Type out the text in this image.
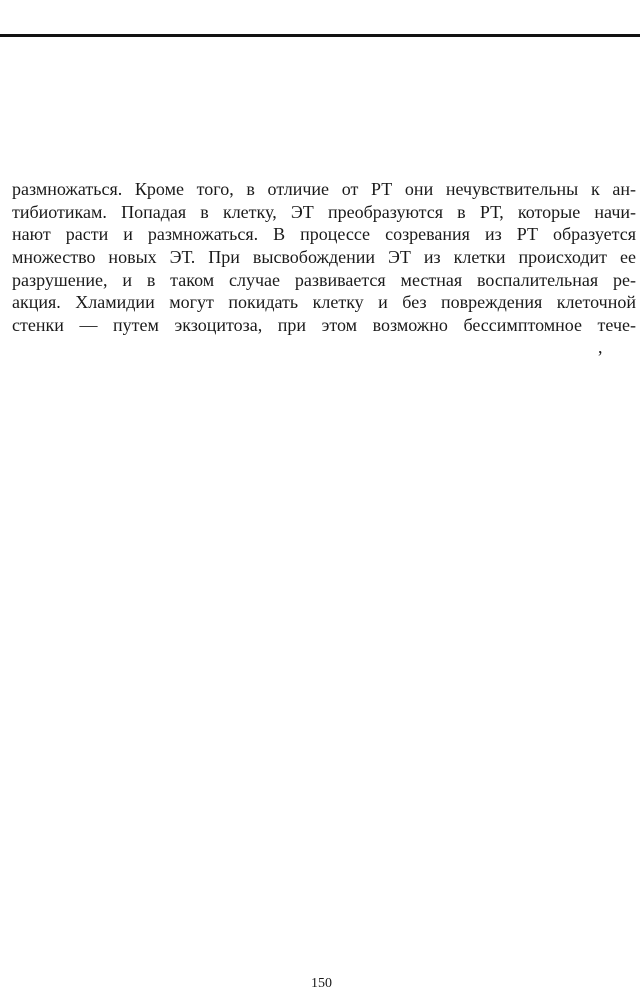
размножаться. Кроме того, в отличие от РТ они нечувствительны к ан-
тибиотикам. Попадая в клетку, ЭТ преобразуются в РТ, которые начи-
нают расти и размножаться. В процессе созревания из РТ образуется
множество новых ЭТ. При высвобождении ЭТ из клетки происходит ее
разрушение, и в таком случае развивается местная воспалительная ре-
акция. Хламидии могут покидать клетку и без повреждения клеточной
стенки — путем экзоцитоза, при этом возможно бессимптомное тече-
,
150
